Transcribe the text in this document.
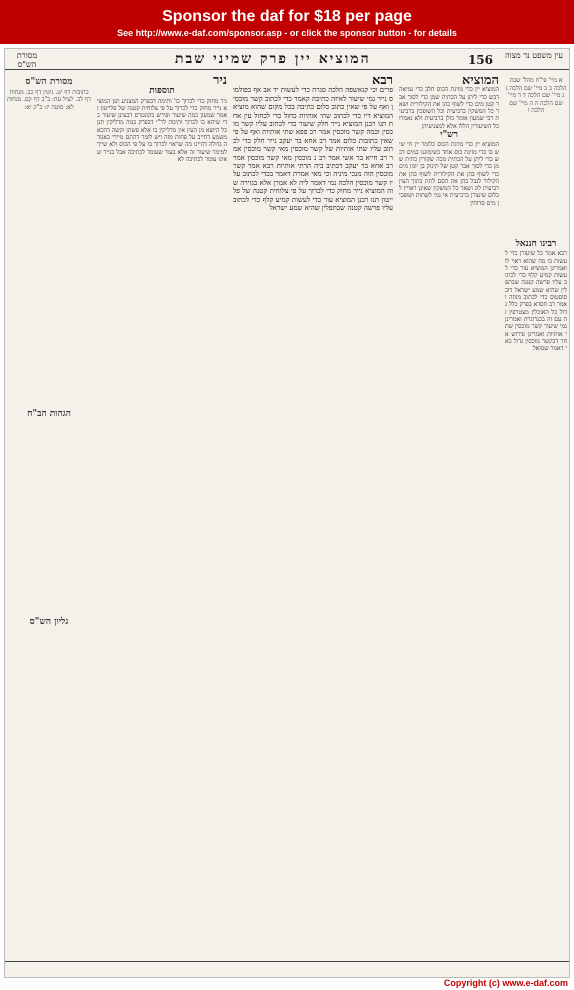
Sponsor the daf for $18 per page
See http://www.e-daf.com/sponsor.asp - or click the sponsor button - for details
עין משפט נר מצוה
156
המוציא יין פרק שמיני שבת
מסורת הש"ס
א מיי' פי"ח מהל' שבת הלכה ב ב מיי' שם הלכה ג ג מיי' שם הלכה ד ד מיי' שם הלכה ה ה מיי' שם הלכה ו
רבינו חננאל

רבא אמר כל שיעורן כדי לעשות בו מה שהוא ראוי לו ואמרינן המוציא עור כדי לעשות קמיע קלף כדי לכתוב עליו פרשה קטנה שבתפלין שהיא שמע ישראל דוכסוסטוס כדי לכתוב מזוזה ואמר רב חסדא בפרק כלל גדול כל האוכלין מצטרפין זה עם זה בכגרוגרת ואמרינן נמי שיעור קשר מוכסין שתי אותיות ואמרינן פירוש אחר דבקשר מוכסין גדול כאי דאמר שמואל

המוציא

המוציא יין כדי מזיגת הכוס חלב כדי גמיאה דבש כדי ליתן על הכתית שמן כדי לסוך אבר קטן מים כדי לשוף בהן את הקילורית ושאר כל המשקין ברביעית וכל השופכין ברביעית רבי שמעון אומר כולן ברביעית ולא נאמרו כל השיעורין הללו אלא למצניעיהן

רש"י

המוציא יין כדי מזיגת הכוס כלומר יין חי שיש בו כדי מזיגת כוס אחד כשימזגנו במים דבש כדי ליתן על הכתית מכה שקורין כתית שמן כדי לסוך אבר קטן של תינוק בן יומו מים כדי לשוף בהן את הקילורית לשוף בהן את הקילור לגבל בהן את הסם לתת בתוך העין רביעית לוג ושאר כל המשקין שאינן ראויין לכלום שיעורן ברביעית אי נמי לשתות ושופכין מים סרוחין

רבא

פרים וכי קנאשפה הלכה סגרה כדי לעשות יד אב אף בפולמוס נייר נמי שיעור לאיזה כתיבה קאמר כדי לכתוב קשר מוכסין ואף על פי שאין כתוב כלום כתיבה בכל מקום שהוא מוציא המוציא דיו כדי לכתוב שתי אותיות כחול כדי לכחול עין אחת תנו רבנן המוציא נייר חלק שיעור כדי לכתוב עליו קשר מוכסין וכמה קשר מוכסין אמר רב פפא שתי אותיות ואף על פי שאין כתובות כלום אמר רב אחא בר יעקב נייר חלק כדי לכתוב עליו שתי אותיות של קשר מוכסין מאי קשר מוכסין אמר רב חייא בר אשי אמר רב נ מוכסין מאי קשר מוכסין אמר רב אחא בר יעקב דכתיב ביה תרתי אותיות רבא אמר קשר מוכסין הוה מנכי מיניה וכי מאי אמרת דאמר בכדי לכתוב עליו קשר מוכסין הלכה נמי דאמר ליה לא אמרן אלא בגזירה שוה המוציא נייר מחוק כדי לכרוך על פי צלוחית קטנה של פלייטון תנו רבנן המוציא עור כדי לעשות קמיע קלף כדי לכתוב עליו פרשה קטנה שבתפלין שהיא שמע ישראל

ניר
תוספות

ניר מחוק כדי לכרוך כו' ותימה דבפרק המצניע תנן המוציא נייר מחוק כדי לכרוך על פי צלוחית קטנה של פלייטון ואמר שמעון כמה שיעור ופירש בקונטרס דבעינן שיעור כדי שיהא בו לכרוך ותימה לר"י דבפרק במה מדליקין תנן כל היוצא מן העץ אין מדליקין בו אלא פשתן וקשה דהכא משמע דחייב על פחות מזה ויש לומר דהתם מיירי באגודה גדולה דהיינו מה שראוי לכרוך בו על פי הכוס ולא שייך למימר שיעור זה אלא בעור שעומד לכתיבה אבל בנייר שאינו עומד לכתיבה לא

מסורת הש"ס
כתובות דף יט. גיטין דף כב. מנחות דף לב. לעיל עח: ב"ב דף קס. מנחות לא: סוטה יז: ב"ק יא:
הגהות הב"ח
גליון הש"ס
Copyright (c) www.e-daf.com
